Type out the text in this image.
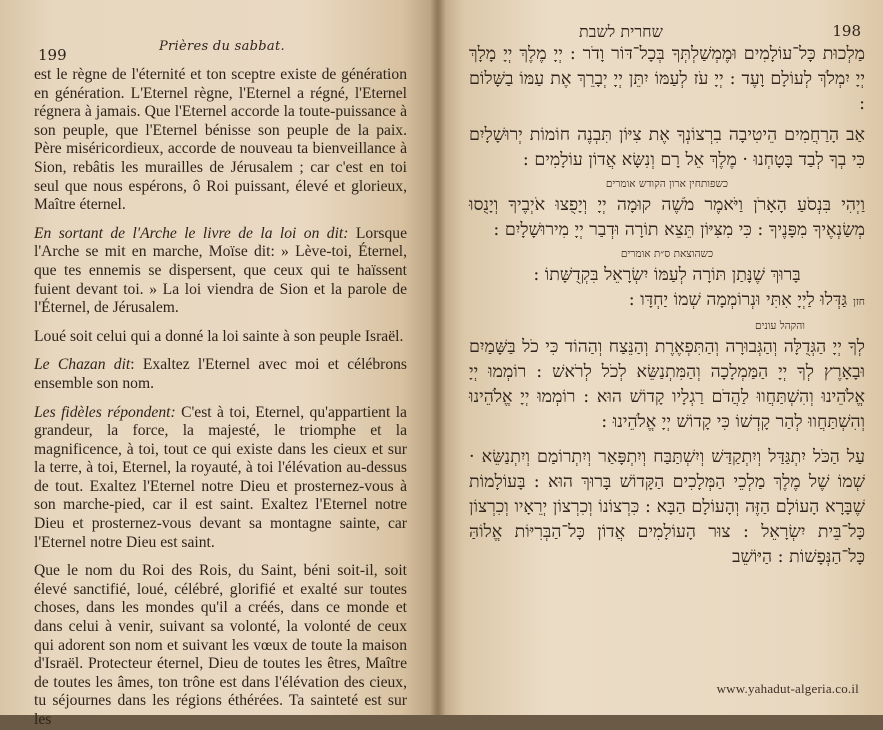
199	Prières du sabbat.

est le règne de l'éternité et ton sceptre existe de génération en génération. L'Eternel règne, l'Eternel a régné, l'Eternel régnera à jamais. Que l'Eternel accorde la toute-puissance à son peuple, que l'Eternel bénisse son peuple de la paix. Père miséricordieux, accorde de nouveau ta bienveillance à Sion, rebâtis les murailles de Jérusalem ; car c'est en toi seul que nous espérons, ô Roi puissant, élevé et glorieux, Maître éternel.

En sortant de l'Arche le livre de la loi on dit: Lorsque l'Arche se mit en marche, Moïse dit: » Lève-toi, Éternel, que tes ennemis se dispersent, que ceux qui te haïssent fuient devant toi. » La loi viendra de Sion et la parole de l'Éternel, de Jérusalem.

Loué soit celui qui a donné la loi sainte à son peuple Israël.

Le Chazan dit: Exaltez l'Eternel avec moi et célébrons ensemble son nom.

Les fidèles répondent: C'est à toi, Eternel, qu'appartient la grandeur, la force, la majesté, le triomphe et la magnificence, à toi, tout ce qui existe dans les cieux et sur la terre, à toi, Eternel, la royauté, à toi l'élévation au-dessus de tout. Exaltez l'Eternel notre Dieu et prosternez-vous à son marche-pied, car il est saint. Exaltez l'Eternel notre Dieu et prosternez-vous devant sa montagne sainte, car l'Eternel notre Dieu est saint.

Que le nom du Roi des Rois, du Saint, béni soit-il, soit élevé sanctifié, loué, célébré, glorifié et exalté sur toutes choses, dans les mondes qu'il a créés, dans ce monde et dans celui à venir, suivant sa volonté, la volonté de ceux qui adorent son nom et suivant les vœux de toute la maison d'Israël. Protecteur éternel, Dieu de toutes les êtres, Maître de toutes les âmes, ton trône est dans l'élévation des cieux, tu séjournes dans les régions éthérées. Ta sainteté est sur les

שחרית לשבת	198

מַלְכוּת כָּל־עוֹלָמִים וּמֶמְשַׁלְתְּךָ בְּכָל־דּוֹר וָדֹר : יְיָ מֶלֶךְ יְיָ מָלָךְ יְיָ יִמְלֹךְ לְעוֹלָם וָעֶד : יְיָ עֹז לְעַמּוֹ יִתֵּן יְיָ יְבָרֵךְ אֶת עַמּוֹ בַשָּׁלוֹם :

אַב הָרַחֲמִים הֵיטִיבָה בִרְצוֹנְךָ אֶת צִיּוֹן תִּבְנֶה חוֹמוֹת יְרוּשָׁלָיִם כִּי בְךָ לְבַד בָּטָחְנוּ · מֶלֶךְ אֵל רָם וְנִשָּׂא אֲדוֹן עוֹלָמִים :

כשפותחין ארון הקודש אומרים

וַיְהִי בִּנְסֹעַ הָאָרֹן וַיֹּאמֶר מֹשֶׁה קוּמָה יְיָ וְיָפֻצוּ אֹיְבֶיךָ וְיָנֻסוּ מְשַׂנְאֶיךָ מִפָּנֶיךָ : כִּי מִצִּיּוֹן תֵּצֵא תוֹרָה וּדְבַר יְיָ מִירוּשָׁלָיִם :

כשהוצאת ס״ת אומרים

בָּרוּךְ שֶׁנָּתַן תּוֹרָה לְעַמּוֹ יִשְׂרָאֵל בִּקְדֻשָּׁתוֹ :

חזן
גַּדְּלוּ לַיְיָ אִתִּי וּנְרוֹמְמָה שְׁמוֹ יַחְדָּו :
והקהל עונים

לְךָ יְיָ הַגְּדֻלָּה וְהַגְּבוּרָה וְהַתִּפְאֶרֶת וְהַנֵּצַח וְהַהוֹד כִּי כֹל בַּשָּׁמַיִם וּבָאָרֶץ לְךָ יְיָ הַמַּמְלָכָה וְהַמִּתְנַשֵּׂא לְכֹל לְרֹאשׁ : רוֹמְמוּ יְיָ אֱלֹהֵינוּ וְהִשְׁתַּחֲווּ לַהֲדֹם רַגְלָיו קָדוֹשׁ הוּא : רוֹמְמוּ יְיָ אֱלֹהֵינוּ וְהִשְׁתַּחֲווּ לְהַר קָדְשׁוֹ כִּי קָדוֹשׁ יְיָ אֱלֹהֵינוּ :

עַל הַכֹּל יִתְגַּדַּל וְיִתְקַדַּשׁ וְיִשְׁתַּבַּח וְיִתְפָּאַר וְיִתְרוֹמַם וְיִתְנַשֵּׂא · שְׁמוֹ שֶׁל מֶלֶךְ מַלְכֵי הַמְּלָכִים הַקָּדוֹשׁ בָּרוּךְ הוּא : בָּעוֹלָמוֹת שֶׁבָּרָא הָעוֹלָם הַזֶּה וְהָעוֹלָם הַבָּא : כִּרְצוֹנוֹ וְכִרְצוֹן יְרֵאָיו וְכִרְצוֹן כָּל־בֵּית יִשְׂרָאֵל : צוּר הָעוֹלָמִים אֲדוֹן כָּל־הַבְּרִיּוֹת אֱלוֹהַּ כָּל־הַנְּפָשׁוֹת : הַיּוֹשֵׁב

www.yahadut-algeria.co.il
